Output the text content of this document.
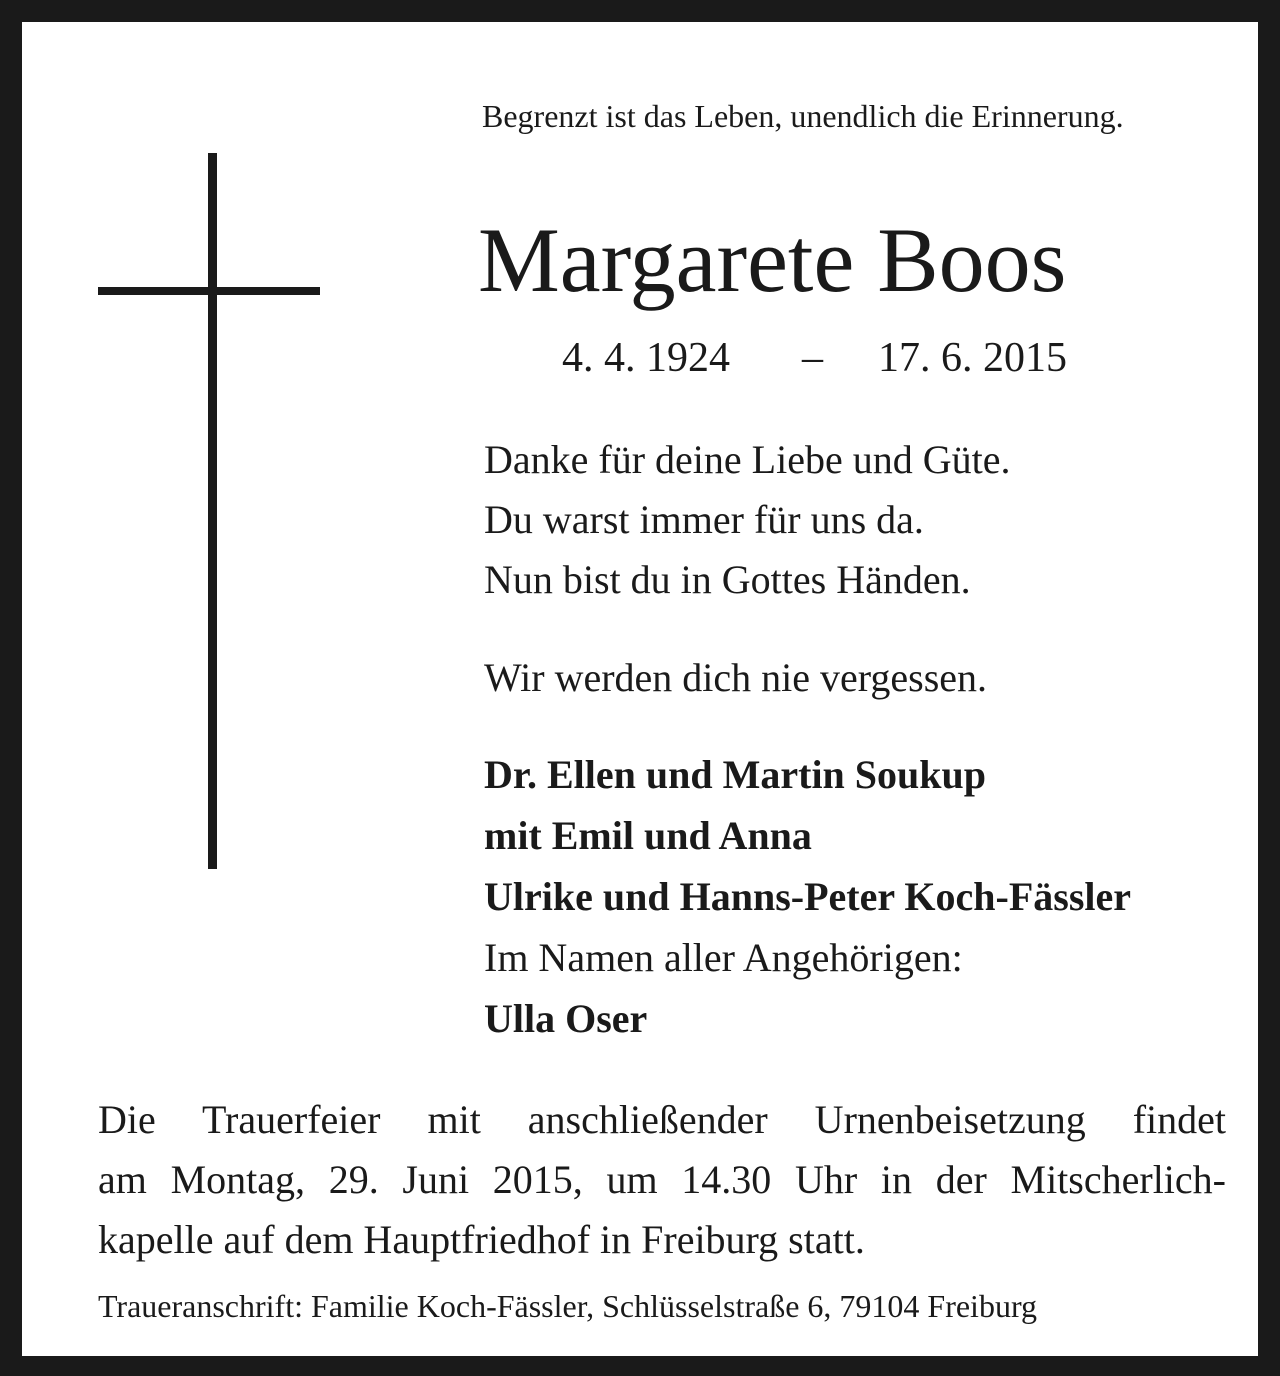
Begrenzt ist das Leben, unendlich die Erinnerung.
Margarete Boos
4. 4. 1924 – 17. 6. 2015
Danke für deine Liebe und Güte.
Du warst immer für uns da.
Nun bist du in Gottes Händen.
Wir werden dich nie vergessen.
Dr. Ellen und Martin Soukup
mit Emil und Anna
Ulrike und Hanns-Peter Koch-Fässler
Im Namen aller Angehörigen:
Ulla Oser
Die Trauerfeier mit anschließender Urnenbeisetzung findet
am Montag, 29. Juni 2015, um 14.30 Uhr in der Mitscherlich-
kapelle auf dem Hauptfriedhof in Freiburg statt.
Traueranschrift: Familie Koch-Fässler, Schlüsselstraße 6, 79104 Freiburg
